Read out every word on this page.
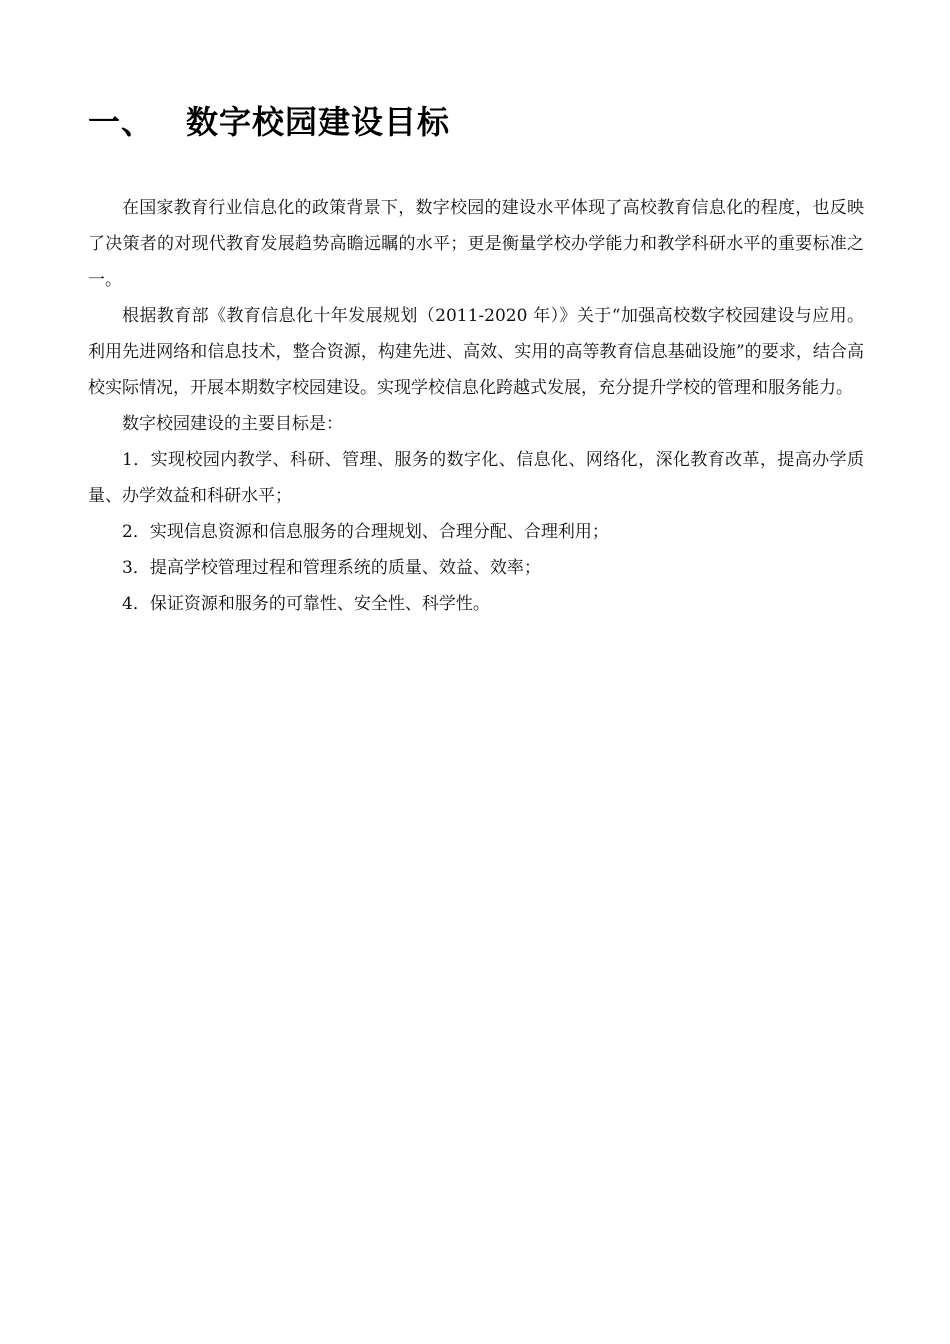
一、 数字校园建设目标

在国家教育行业信息化的政策背景下，数字校园的建设水平体现了高校教育信息化的程度，也反映了决策者的对现代教育发展趋势高瞻远瞩的水平；更是衡量学校办学能力和教学科研水平的重要标准之一。

根据教育部《教育信息化十年发展规划（2011-2020 年）》关于“加强高校数字校园建设与应用。利用先进网络和信息技术，整合资源，构建先进、高效、实用的高等教育信息基础设施”的要求，结合高校实际情况，开展本期数字校园建设。实现学校信息化跨越式发展，充分提升学校的管理和服务能力。

数字校园建设的主要目标是：

1．实现校园内教学、科研、管理、服务的数字化、信息化、网络化，深化教育改革，提高办学质量、办学效益和科研水平；

2．实现信息资源和信息服务的合理规划、合理分配、合理利用；

3．提高学校管理过程和管理系统的质量、效益、效率；

4．保证资源和服务的可靠性、安全性、科学性。
